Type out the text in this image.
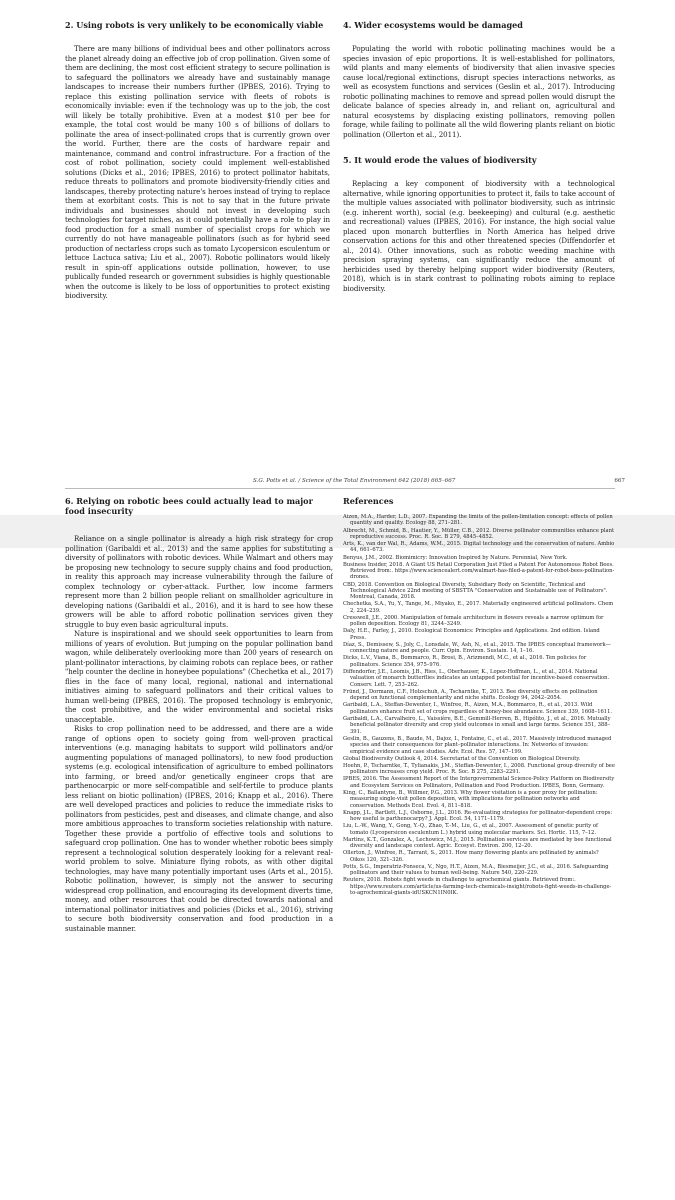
2. Using robots is very unlikely to be economically viable

There are many billions of individual bees and other pollinators across the planet already doing an effective job of crop pollination. Given some of them are declining, the most cost efficient strategy to secure pollination is to safeguard the pollinators we already have and sustainably manage landscapes to increase their numbers further (IPBES, 2016). Trying to replace this existing pollination service with fleets of robots is economically inviable: even if the technology was up to the job, the cost will likely be totally prohibitive. Even at a modest $10 per bee for example, the total cost would be many 100 s of billions of dollars to pollinate the area of insect-pollinated crops that is currently grown over the world. Further, there are the costs of hardware repair and maintenance, command and control infrastructure. For a fraction of the cost of robot pollination, society could implement well-established solutions (Dicks et al., 2016; IPBES, 2016) to protect pollinator habitats, reduce threats to pollinators and promote biodiversity-friendly cities and landscapes, thereby protecting nature's heroes instead of trying to replace them at exorbitant costs. This is not to say that in the future private individuals and businesses should not invest in developing such technologies for target niches, as it could potentially have a role to play in food production for a small number of specialist crops for which we currently do not have manageable pollinators (such as for hybrid seed production of nectarless crops such as tomato Lycopersicon esculentum or lettuce Lactuca sativa; Liu et al., 2007). Robotic pollinators would likely result in spin-off applications outside pollination, however, to use publically funded research or government subsidies is highly questionable when the outcome is likely to be loss of opportunities to protect existing biodiversity.

4. Wider ecosystems would be damaged

Populating the world with robotic pollinating machines would be a species invasion of epic proportions. It is well-established for pollinators, wild plants and many elements of biodiversity that alien invasive species cause local/regional extinctions, disrupt species interactions networks, as well as ecosystem functions and services (Geslin et al., 2017). Introducing robotic pollinating machines to remove and spread pollen would disrupt the delicate balance of species already in, and reliant on, agricultural and natural ecosystems by displacing existing pollinators, removing pollen forage, while failing to pollinate all the wild flowering plants reliant on biotic pollination (Ollerton et al., 2011).

5. It would erode the values of biodiversity

Replacing a key component of biodiversity with a technological alternative, while ignoring opportunities to protect it, fails to take account of the multiple values associated with pollinator biodiversity, such as intrinsic (e.g. inherent worth), social (e.g. beekeeping) and cultural (e.g. aesthetic and recreational) values (IPBES, 2016). For instance, the high social value placed upon monarch butterflies in North America has helped drive conservation actions for this and other threatened species (Diffendorfer et al., 2014). Other innovations, such as robotic weeding machine with precision spraying systems, can significantly reduce the amount of herbicides used by thereby helping support wider biodiversity (Reuters, 2018), which is in stark contrast to pollinating robots aiming to replace biodiversity.

S.G. Potts et al. / Science of the Total Environment 642 (2018) 665–667	667

6. Relying on robotic bees could actually lead to major food insecurity

Reliance on a single pollinator is already a high risk strategy for crop pollination (Garibaldi et al., 2013) and the same applies for substituting a diversity of pollinators with robotic devices. While Walmart and others may be proposing new technology to secure supply chains and food production, in reality this approach may increase vulnerability through the failure of complex technology or cyber-attack. Further, low income farmers represent more than 2 billion people reliant on smallholder agriculture in developing nations (Garibaldi et al., 2016), and it is hard to see how these growers will be able to afford robotic pollination services given they struggle to buy even basic agricultural inputs.

Nature is inspirational and we should seek opportunities to learn from millions of years of evolution. But jumping on the popular pollination band wagon, while deliberately overlooking more than 200 years of research on plant-pollinator interactions, by claiming robots can replace bees, or rather "help counter the decline in honeybee populations" (Chechetka et al., 2017) flies in the face of many local, regional, national and international initiatives aiming to safeguard pollinators and their critical values to human well-being (IPBES, 2016). The proposed technology is embryonic, the cost prohibitive, and the wider environmental and societal risks unacceptable.

Risks to crop pollination need to be addressed, and there are a wide range of options open to society going from well-proven practical interventions (e.g. managing habitats to support wild pollinators and/or augmenting populations of managed pollinators), to new food production systems (e.g. ecological intensification of agriculture to embed pollinators into farming, or breed and/or genetically engineer crops that are parthenocarpic or more self-compatible and self-fertile to produce plants less reliant on biotic pollination) (IPBES, 2016; Knapp et al., 2016). There are well developed practices and policies to reduce the immediate risks to pollinators from pesticides, pest and diseases, and climate change, and also more ambitious approaches to transform societies relationship with nature. Together these provide a portfolio of effective tools and solutions to safeguard crop pollination. One has to wonder whether robotic bees simply represent a technological solution desperately looking for a relevant real-world problem to solve. Miniature flying robots, as with other digital technologies, may have many potentially important uses (Arts et al., 2015). Robotic pollination, however, is simply not the answer to securing widespread crop pollination, and encouraging its development diverts time, money, and other resources that could be directed towards national and international pollinator initiatives and policies (Dicks et al., 2016), striving to secure both biodiversity conservation and food production in a sustainable manner.

References

Aizen, M.A., Harder, L.D., 2007. Expanding the limits of the pollen-limitation concept: effects of pollen quantity and quality. Ecology 88, 271–281.

Albrecht, M., Schmid, B., Hautier, Y., Müller, C.B., 2012. Diverse pollinator communities enhance plant reproductive success. Proc. R. Soc. B 279, 4845–4852.

Arts, K., van der Wal, R., Adams, W.M., 2015. Digital technology and the conservation of nature. Ambio 44, 661–673.

Benyus, J.M., 2002. Biomimicry: Innovation Inspired by Nature. Perennial, New York.

Business Insider, 2018. A Giant US Retail Corporation Just Filed a Patent For Autonomous Robot Bees. Retrieved from:. https://www.sciencealert.com/walmart-has-filed-a-patent-for-robot-bees-pollination-drones.

CBD, 2018. Convention on Biological Diversity, Subsidiary Body on Scientific, Technical and Technological Advice 22nd meeting of SBSTTA "Conservation and Sustainable use of Pollinators". Montreal, Canada, 2018.

Chechetka, S.A., Yu, Y., Tange, M., Miyako, E., 2017. Materially engineered artificial pollinators. Chem 2, 224–239.

Cresswell, J.E., 2000. Manipulation of female architecture in flowers reveals a narrow optimum for pollen deposition. Ecology 81, 3244–3249.

Daly, H.E., Farley, J., 2010. Ecological Economics: Principles and Applications. 2nd edition. Island Press.

Díaz, S., Demissew, S., Joly, C., Lonsdale, W., Ash, N., et al., 2015. The IPBES conceptual framework—connecting nature and people. Curr. Opin. Environ. Sustain. 14, 1–16.

Dicks, L.V., Viana, B., Bommarco, R., Brosi, B., Arizmendi, M.C., et al., 2016. Ten policies for pollinators. Science 354, 975–976.

Diffendorfer, J.E., Loomis, J.B., Ries, L., Oberhauser, K., Lopez-Hoffman, L., et al., 2014. National valuation of monarch butterflies indicates an untapped potential for incentive-based conservation. Conserv. Lett. 7, 253–262.

Fründ, J., Dormann, C.F., Holzschuh, A., Tscharntke, T., 2013. Bee diversity effects on pollination depend on functional complementarity and niche shifts. Ecology 94, 2042–2054.

Garibaldi, L.A., Steffan-Dewenter, I., Winfree, R., Aizen, M.A., Bommarco, R., et al., 2013. Wild pollinators enhance fruit set of crops regardless of honey-bee abundance. Science 339, 1608–1611.

Garibaldi, L.A., Carvalheiro, L., Vaissière, B.E., Gemmill-Herren, B., Hipólito, J., et al., 2016. Mutually beneficial pollinator diversity and crop yield outcomes in small and large farms. Science 351, 388–391.

Geslin, B., Gauzens, B., Baude, M., Dajoz, I., Fontaine, C., et al., 2017. Massively introduced managed species and their consequences for plant–pollinator interactions. In: Networks of invasion: empirical evidence and case studies. Adv. Ecol. Res. 57, 147–199.

Global Biodiversity Outlook 4, 2014. Secretariat of the Convention on Biological Diversity.

Hoehn, P., Tscharntke, T., Tylianakis, J.M., Steffan-Dewenter, I., 2008. Functional group diversity of bee pollinators increases crop yield. Proc. R. Soc. B 275, 2283–2291.

IPBES, 2016. The Assessment Report of the Intergovernmental Science-Policy Platform on Biodiversity and Ecosystem Services on Pollinators, Pollination and Food Production. IPBES, Bonn, Germany.

King, C., Ballantyne, B., Willmer, P.G., 2013. Why flower visitation is a poor proxy for pollination: measuring single-visit pollen deposition, with implications for pollination networks and conservation. Methods Ecol. Evol. 4, 811–818.

Knapp, J.L., Bartlett, L.J., Osborne, J.L., 2016. Re-evaluating strategies for pollinator-dependent crops: how useful is parthenocarpy? J. Appl. Ecol. 54, 1171–1179.

Liu, L.-W., Wang, Y., Gong, Y.-Q., Zhao, T.-M., Liu, G., et al., 2007. Assessment of genetic purity of tomato (Lycopersicon esculentum L.) hybrid using molecular markers. Sci. Hortic. 115, 7–12.

Martins, K.T., Gonzalez, A., Lechowicz, M.J., 2015. Pollination services are mediated by bee functional diversity and landscape context. Agric. Ecosyst. Environ. 200, 12–20.

Ollerton, J., Winfree, R., Tarrant, S., 2011. How many flowering plants are pollinated by animals? Oikos 120, 321–326.

Potts, S.G., Imperatriz-Fonseca, V., Ngo, H.T., Aizen, M.A., Biesmeijer, J.C., et al., 2016. Safeguarding pollinators and their values to human well-being. Nature 540, 220–229.

Reuters, 2018. Robots fight weeds in challenge to agrochemical giants. Retrieved from:. https://www.reuters.com/article/us-farming-tech-chemicals-insight/robots-fight-weeds-in-challenge-to-agrochemical-giants-idUSKCN1IN0IK.
